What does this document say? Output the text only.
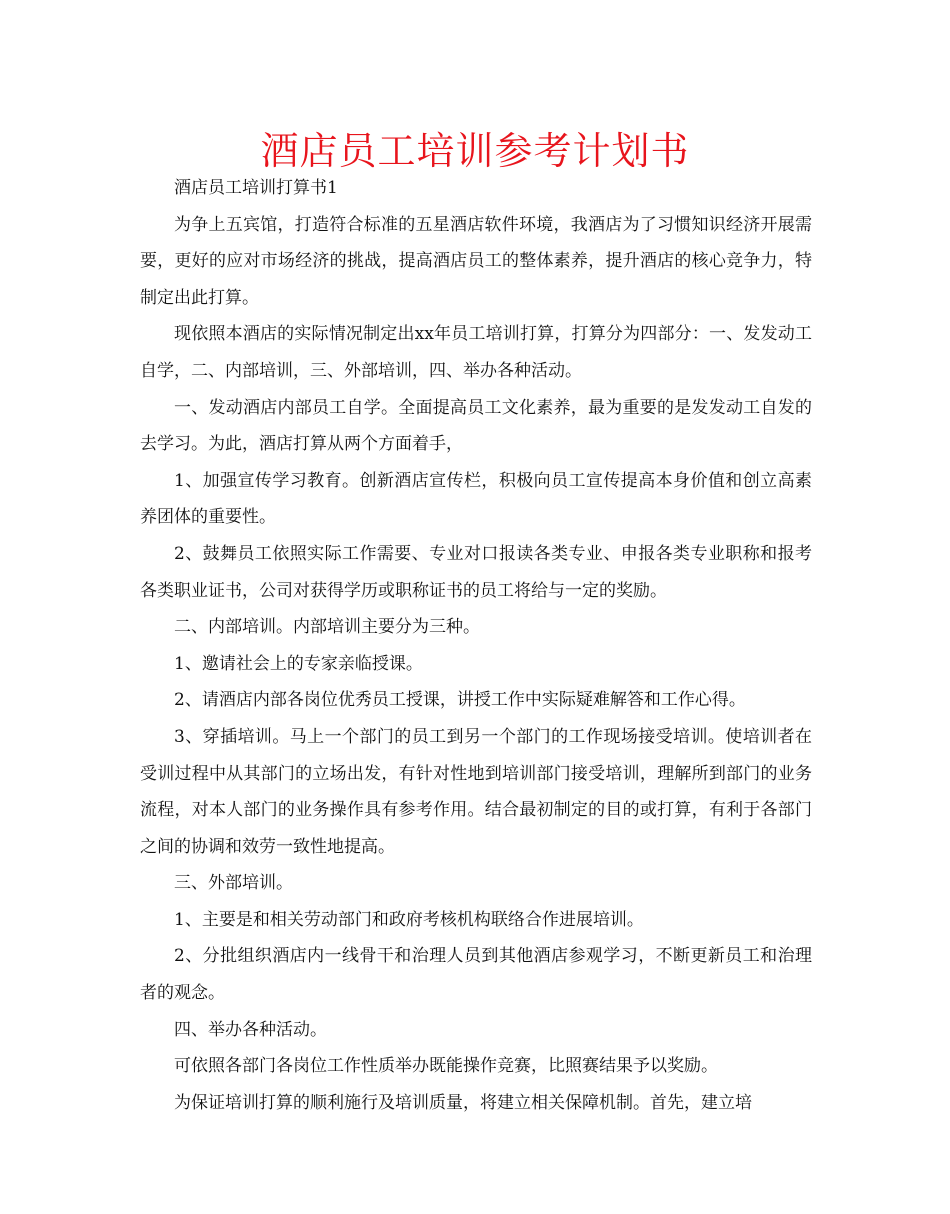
酒店员工培训参考计划书

酒店员工培训打算书1

为争上五宾馆，打造符合标准的五星酒店软件环境，我酒店为了习惯知识经济开展需要，更好的应对市场经济的挑战，提高酒店员工的整体素养，提升酒店的核心竞争力，特制定出此打算。

现依照本酒店的实际情况制定出xx年员工培训打算，打算分为四部分：一、发发动工自学，二、内部培训，三、外部培训，四、举办各种活动。

一、发动酒店内部员工自学。全面提高员工文化素养，最为重要的是发发动工自发的去学习。为此，酒店打算从两个方面着手，

1、加强宣传学习教育。创新酒店宣传栏，积极向员工宣传提高本身价值和创立高素养团体的重要性。

2、鼓舞员工依照实际工作需要、专业对口报读各类专业、申报各类专业职称和报考各类职业证书，公司对获得学历或职称证书的员工将给与一定的奖励。

二、内部培训。内部培训主要分为三种。

1、邀请社会上的专家亲临授课。

2、请酒店内部各岗位优秀员工授课，讲授工作中实际疑难解答和工作心得。

3、穿插培训。马上一个部门的员工到另一个部门的工作现场接受培训。使培训者在受训过程中从其部门的立场出发，有针对性地到培训部门接受培训，理解所到部门的业务流程，对本人部门的业务操作具有参考作用。结合最初制定的目的或打算，有利于各部门之间的协调和效劳一致性地提高。

三、外部培训。

1、主要是和相关劳动部门和政府考核机构联络合作进展培训。

2、分批组织酒店内一线骨干和治理人员到其他酒店参观学习，不断更新员工和治理者的观念。

四、举办各种活动。

可依照各部门各岗位工作性质举办既能操作竞赛，比照赛结果予以奖励。

为保证培训打算的顺利施行及培训质量，将建立相关保障机制。首先，建立培
